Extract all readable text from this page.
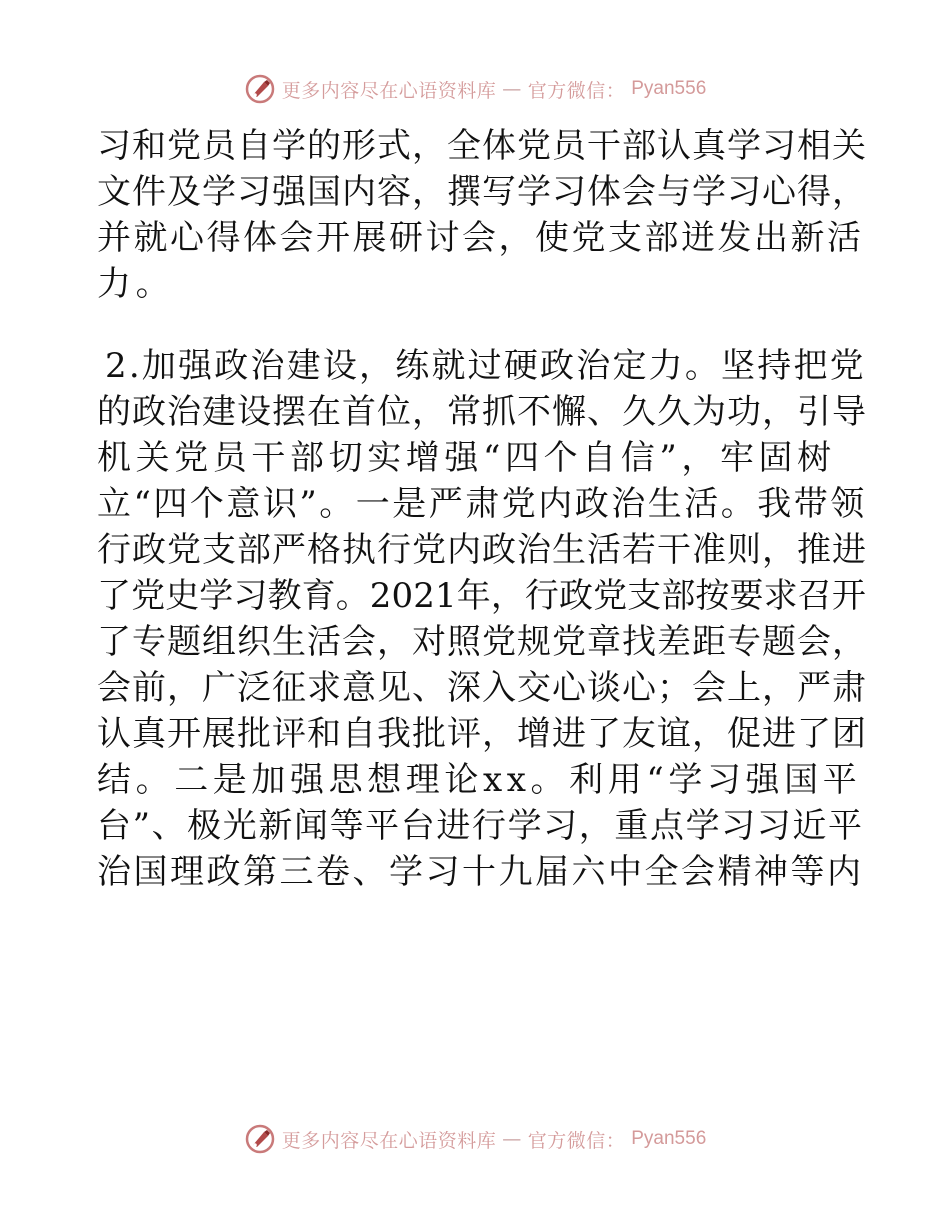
更多内容尽在心语资料库 — 官方微信： Pyan556
习和党员自学的形式，全体党员干部认真学习相关
文件及学习强国内容，撰写学习体会与学习心得，
并就心得体会开展研讨会，使党支部迸发出新活
力。
2.加强政治建设，练就过硬政治定力。坚持把党
的政治建设摆在首位，常抓不懈、久久为功，引导
机关党员干部切实增强“四个自信”，牢固树
立“四个意识”。一是严肃党内政治生活。我带领
行政党支部严格执行党内政治生活若干准则，推进
了党史学习教育。2021年，行政党支部按要求召开
了专题组织生活会，对照党规党章找差距专题会，
会前，广泛征求意见、深入交心谈心；会上，严肃
认真开展批评和自我批评，增进了友谊，促进了团
结。二是加强思想理论xx。利用“学习强国平
台”、极光新闻等平台进行学习，重点学习习近平
治国理政第三卷、学习十九届六中全会精神等内
更多内容尽在心语资料库 — 官方微信： Pyan556
